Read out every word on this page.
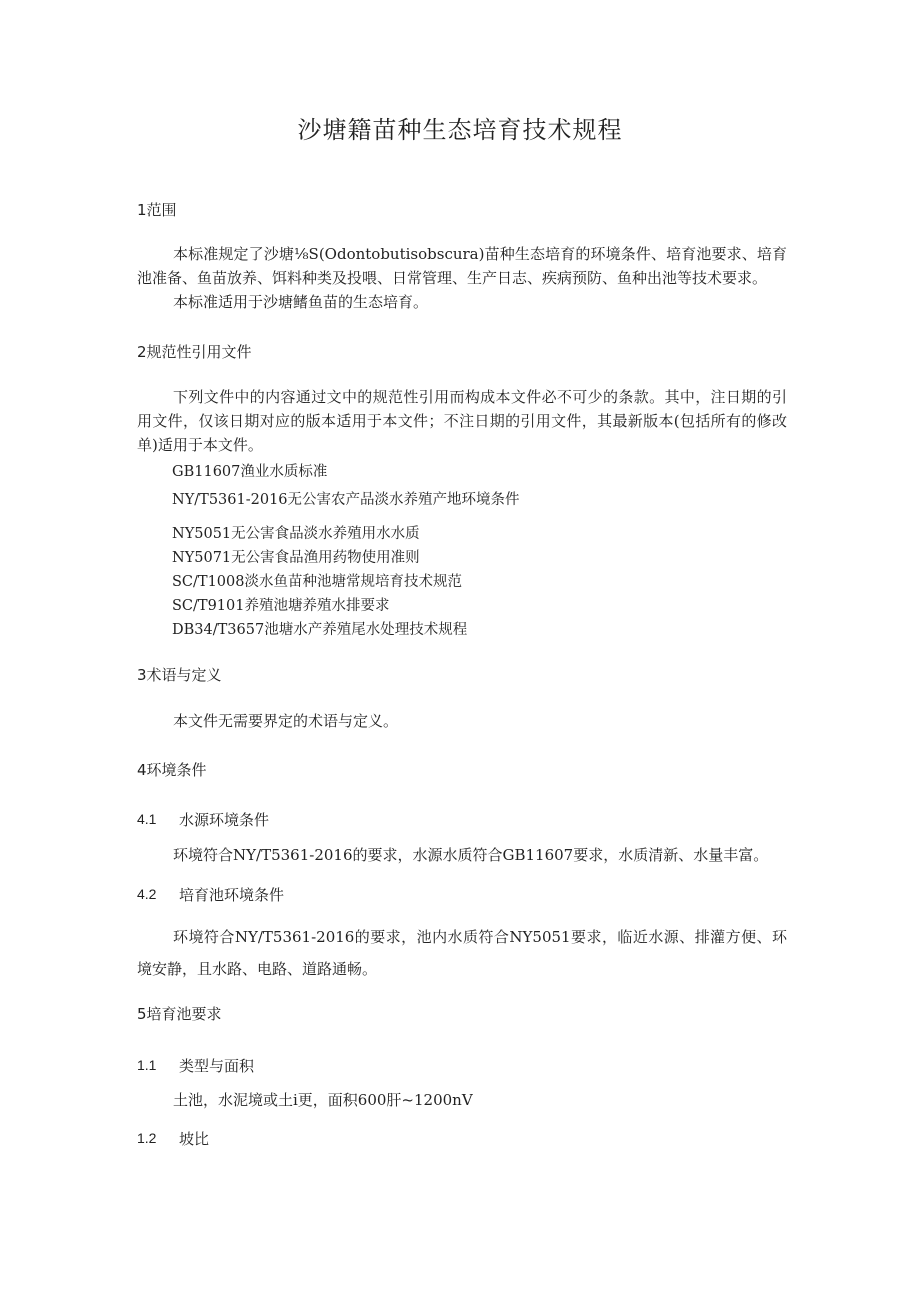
沙塘籍苗种生态培育技术规程
1范围
本标准规定了沙塘⅛S(Odontobutisobscura)苗种生态培育的环境条件、培育池要求、培育池准备、鱼苗放养、饵料种类及投喂、日常管理、生产日志、疾病预防、鱼种出池等技术要求。
本标准适用于沙塘鳍鱼苗的生态培育。
2规范性引用文件
下列文件中的内容通过文中的规范性引用而构成本文件必不可少的条款。其中，注日期的引用文件，仅该日期对应的版本适用于本文件；不注日期的引用文件，其最新版本(包括所有的修改单)适用于本文件。
GB11607渔业水质标准
NY/T5361-2016无公害农产品淡水养殖产地环境条件
NY5051无公害食品淡水养殖用水水质
NY5071无公害食品渔用药物使用准则
SC/T1008淡水鱼苗种池塘常规培育技术规范
SC/T9101养殖池塘养殖水排要求
DB34/T3657池塘水产养殖尾水处理技术规程
3术语与定义
本文件无需要界定的术语与定义。
4环境条件
4.1 水源环境条件
环境符合NY/T5361-2016的要求，水源水质符合GB11607要求，水质清新、水量丰富。
4.2 培育池环境条件
环境符合NY/T5361-2016的要求，池内水质符合NY5051要求，临近水源、排灌方便、环境安静，且水路、电路、道路通畅。
5培育池要求
1.1 类型与面积
土池，水泥境或土i更，面积600肝~1200nV
1.2 坡比
